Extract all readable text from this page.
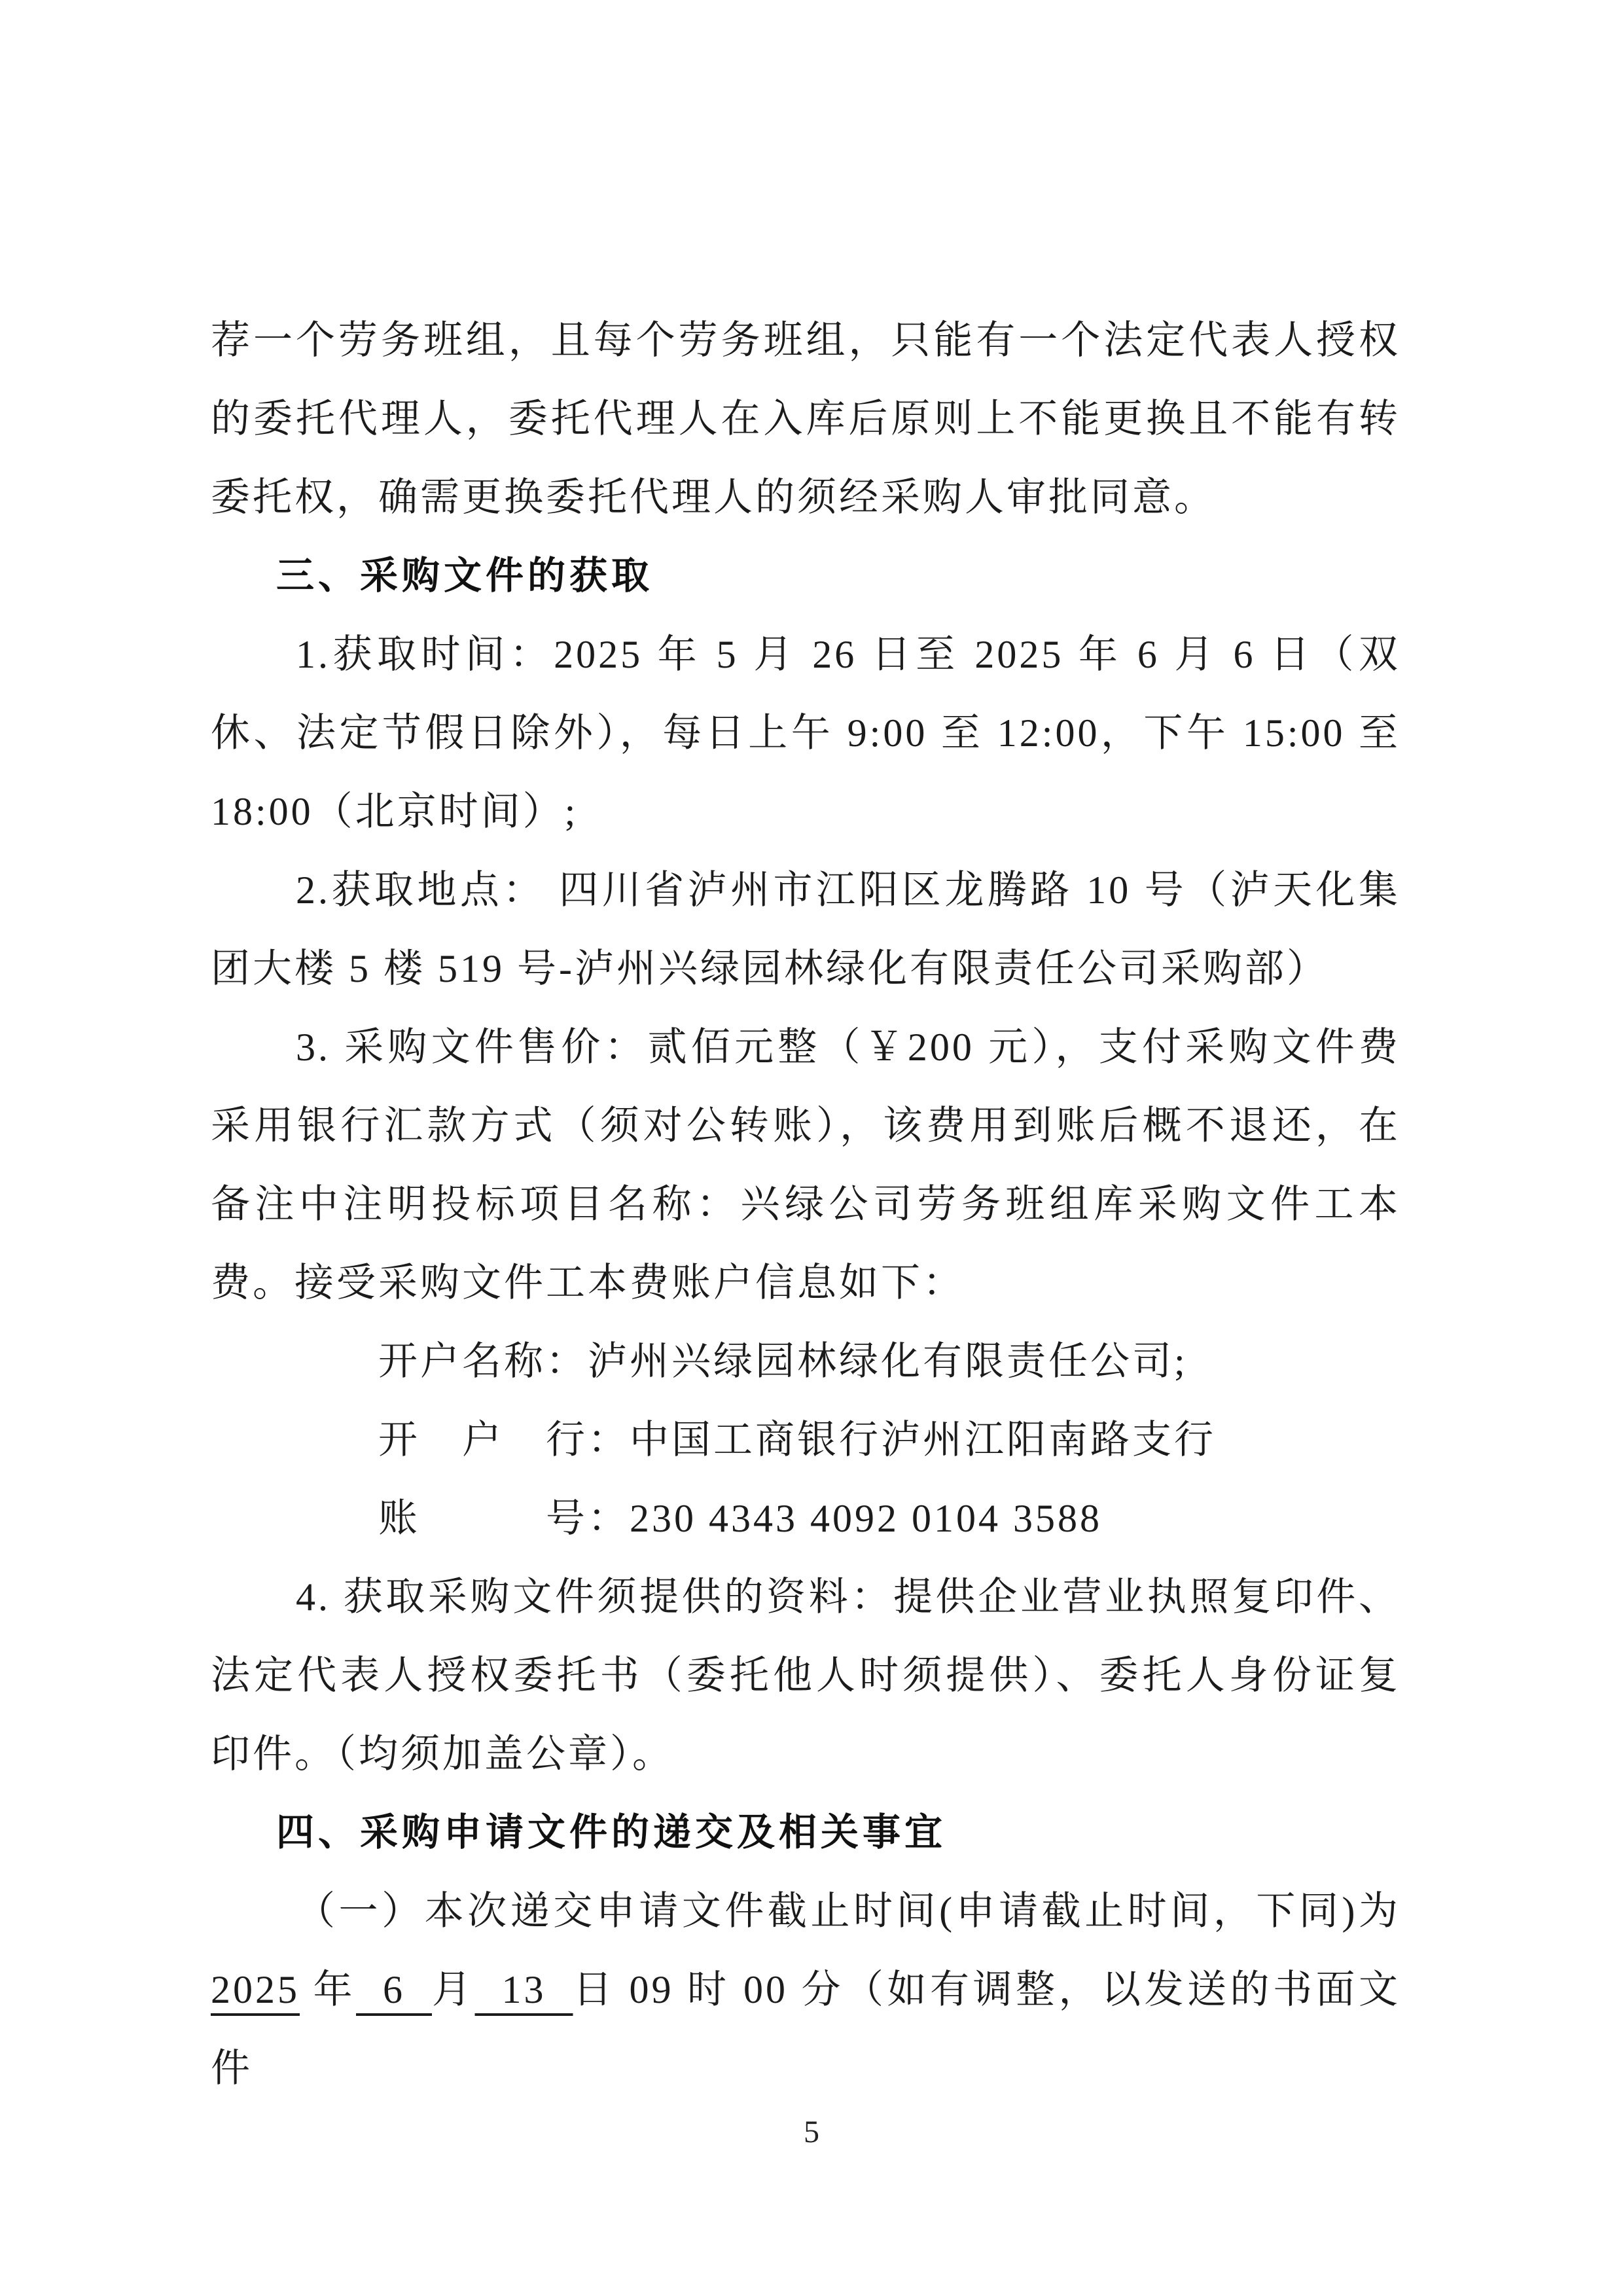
荐一个劳务班组，且每个劳务班组，只能有一个法定代表人授权的委托代理人，委托代理人在入库后原则上不能更换且不能有转委托权，确需更换委托代理人的须经采购人审批同意。

三、采购文件的获取

1.获取时间：2025 年 5 月 26 日至 2025 年 6 月 6 日（双休、法定节假日除外），每日上午 9:00 至 12:00，下午 15:00 至 18:00（北京时间）;

2.获取地点： 四川省泸州市江阳区龙腾路 10 号（泸天化集团大楼 5 楼 519 号-泸州兴绿园林绿化有限责任公司采购部）

3. 采购文件售价：贰佰元整（￥200 元），支付采购文件费采用银行汇款方式（须对公转账），该费用到账后概不退还，在备注中注明投标项目名称：兴绿公司劳务班组库采购文件工本费。接受采购文件工本费账户信息如下：

开户名称：泸州兴绿园林绿化有限责任公司;

开　户　行：中国工商银行泸州江阳南路支行

账　　　号：230 4343 4092 0104 3588

4. 获取采购文件须提供的资料：提供企业营业执照复印件、法定代表人授权委托书（委托他人时须提供）、委托人身份证复印件。（均须加盖公章）。

四、采购申请文件的递交及相关事宜

（一）本次递交申请文件截止时间(申请截止时间，下同)为2025 年  6  月  13  日 09 时 00 分（如有调整，以发送的书面文件

5
